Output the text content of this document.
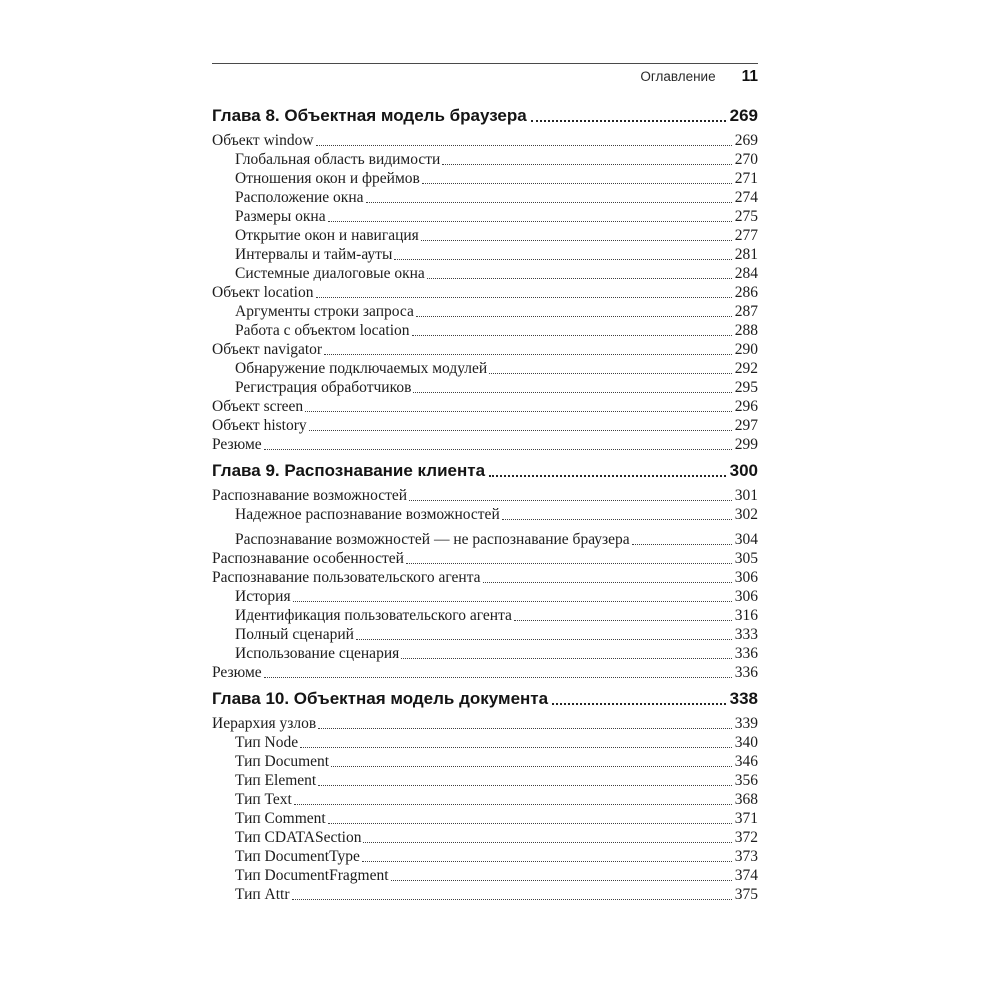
Оглавление 11
Глава 8. Объектная модель браузера	269
Объект window	269
Глобальная область видимости	270
Отношения окон и фреймов	271
Расположение окна	274
Размеры окна	275
Открытие окон и навигация	277
Интервалы и тайм-ауты	281
Системные диалоговые окна	284
Объект location	286
Аргументы строки запроса	287
Работа с объектом location	288
Объект navigator	290
Обнаружение подключаемых модулей	292
Регистрация обработчиков	295
Объект screen	296
Объект history	297
Резюме	299
Глава 9. Распознавание клиента	300
Распознавание возможностей	301
Надежное распознавание возможностей	302
Распознавание возможностей — не распознавание браузера	304
Распознавание особенностей	305
Распознавание пользовательского агента	306
История	306
Идентификация пользовательского агента	316
Полный сценарий	333
Использование сценария	336
Резюме	336
Глава 10. Объектная модель документа	338
Иерархия узлов	339
Тип Node	340
Тип Document	346
Тип Element	356
Тип Text	368
Тип Comment	371
Тип CDATASection	372
Тип DocumentType	373
Тип DocumentFragment	374
Тип Attr	375
